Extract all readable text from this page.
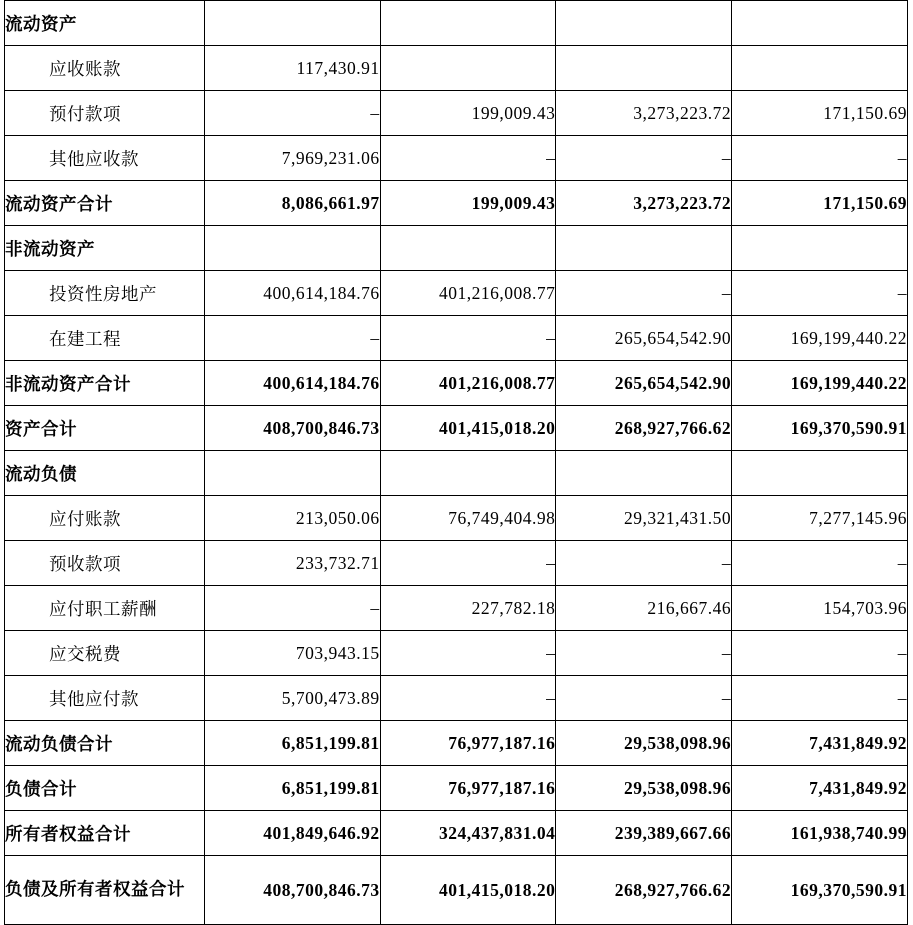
流动资产				
应收账款	117,430.91			
预付款项	–	199,009.43	3,273,223.72	171,150.69
其他应收款	7,969,231.06	–	–	–
流动资产合计	8,086,661.97	199,009.43	3,273,223.72	171,150.69
非流动资产				
投资性房地产	400,614,184.76	401,216,008.77	–	–
在建工程	–	–	265,654,542.90	169,199,440.22
非流动资产合计	400,614,184.76	401,216,008.77	265,654,542.90	169,199,440.22
资产合计	408,700,846.73	401,415,018.20	268,927,766.62	169,370,590.91
流动负债				
应付账款	213,050.06	76,749,404.98	29,321,431.50	7,277,145.96
预收款项	233,732.71	–	–	–
应付职工薪酬	–	227,782.18	216,667.46	154,703.96
应交税费	703,943.15	–	–	–
其他应付款	5,700,473.89	–	–	–
流动负债合计	6,851,199.81	76,977,187.16	29,538,098.96	7,431,849.92
负债合计	6,851,199.81	76,977,187.16	29,538,098.96	7,431,849.92
所有者权益合计	401,849,646.92	324,437,831.04	239,389,667.66	161,938,740.99
负债及所有者权益合计	408,700,846.73	401,415,018.20	268,927,766.62	169,370,590.91
